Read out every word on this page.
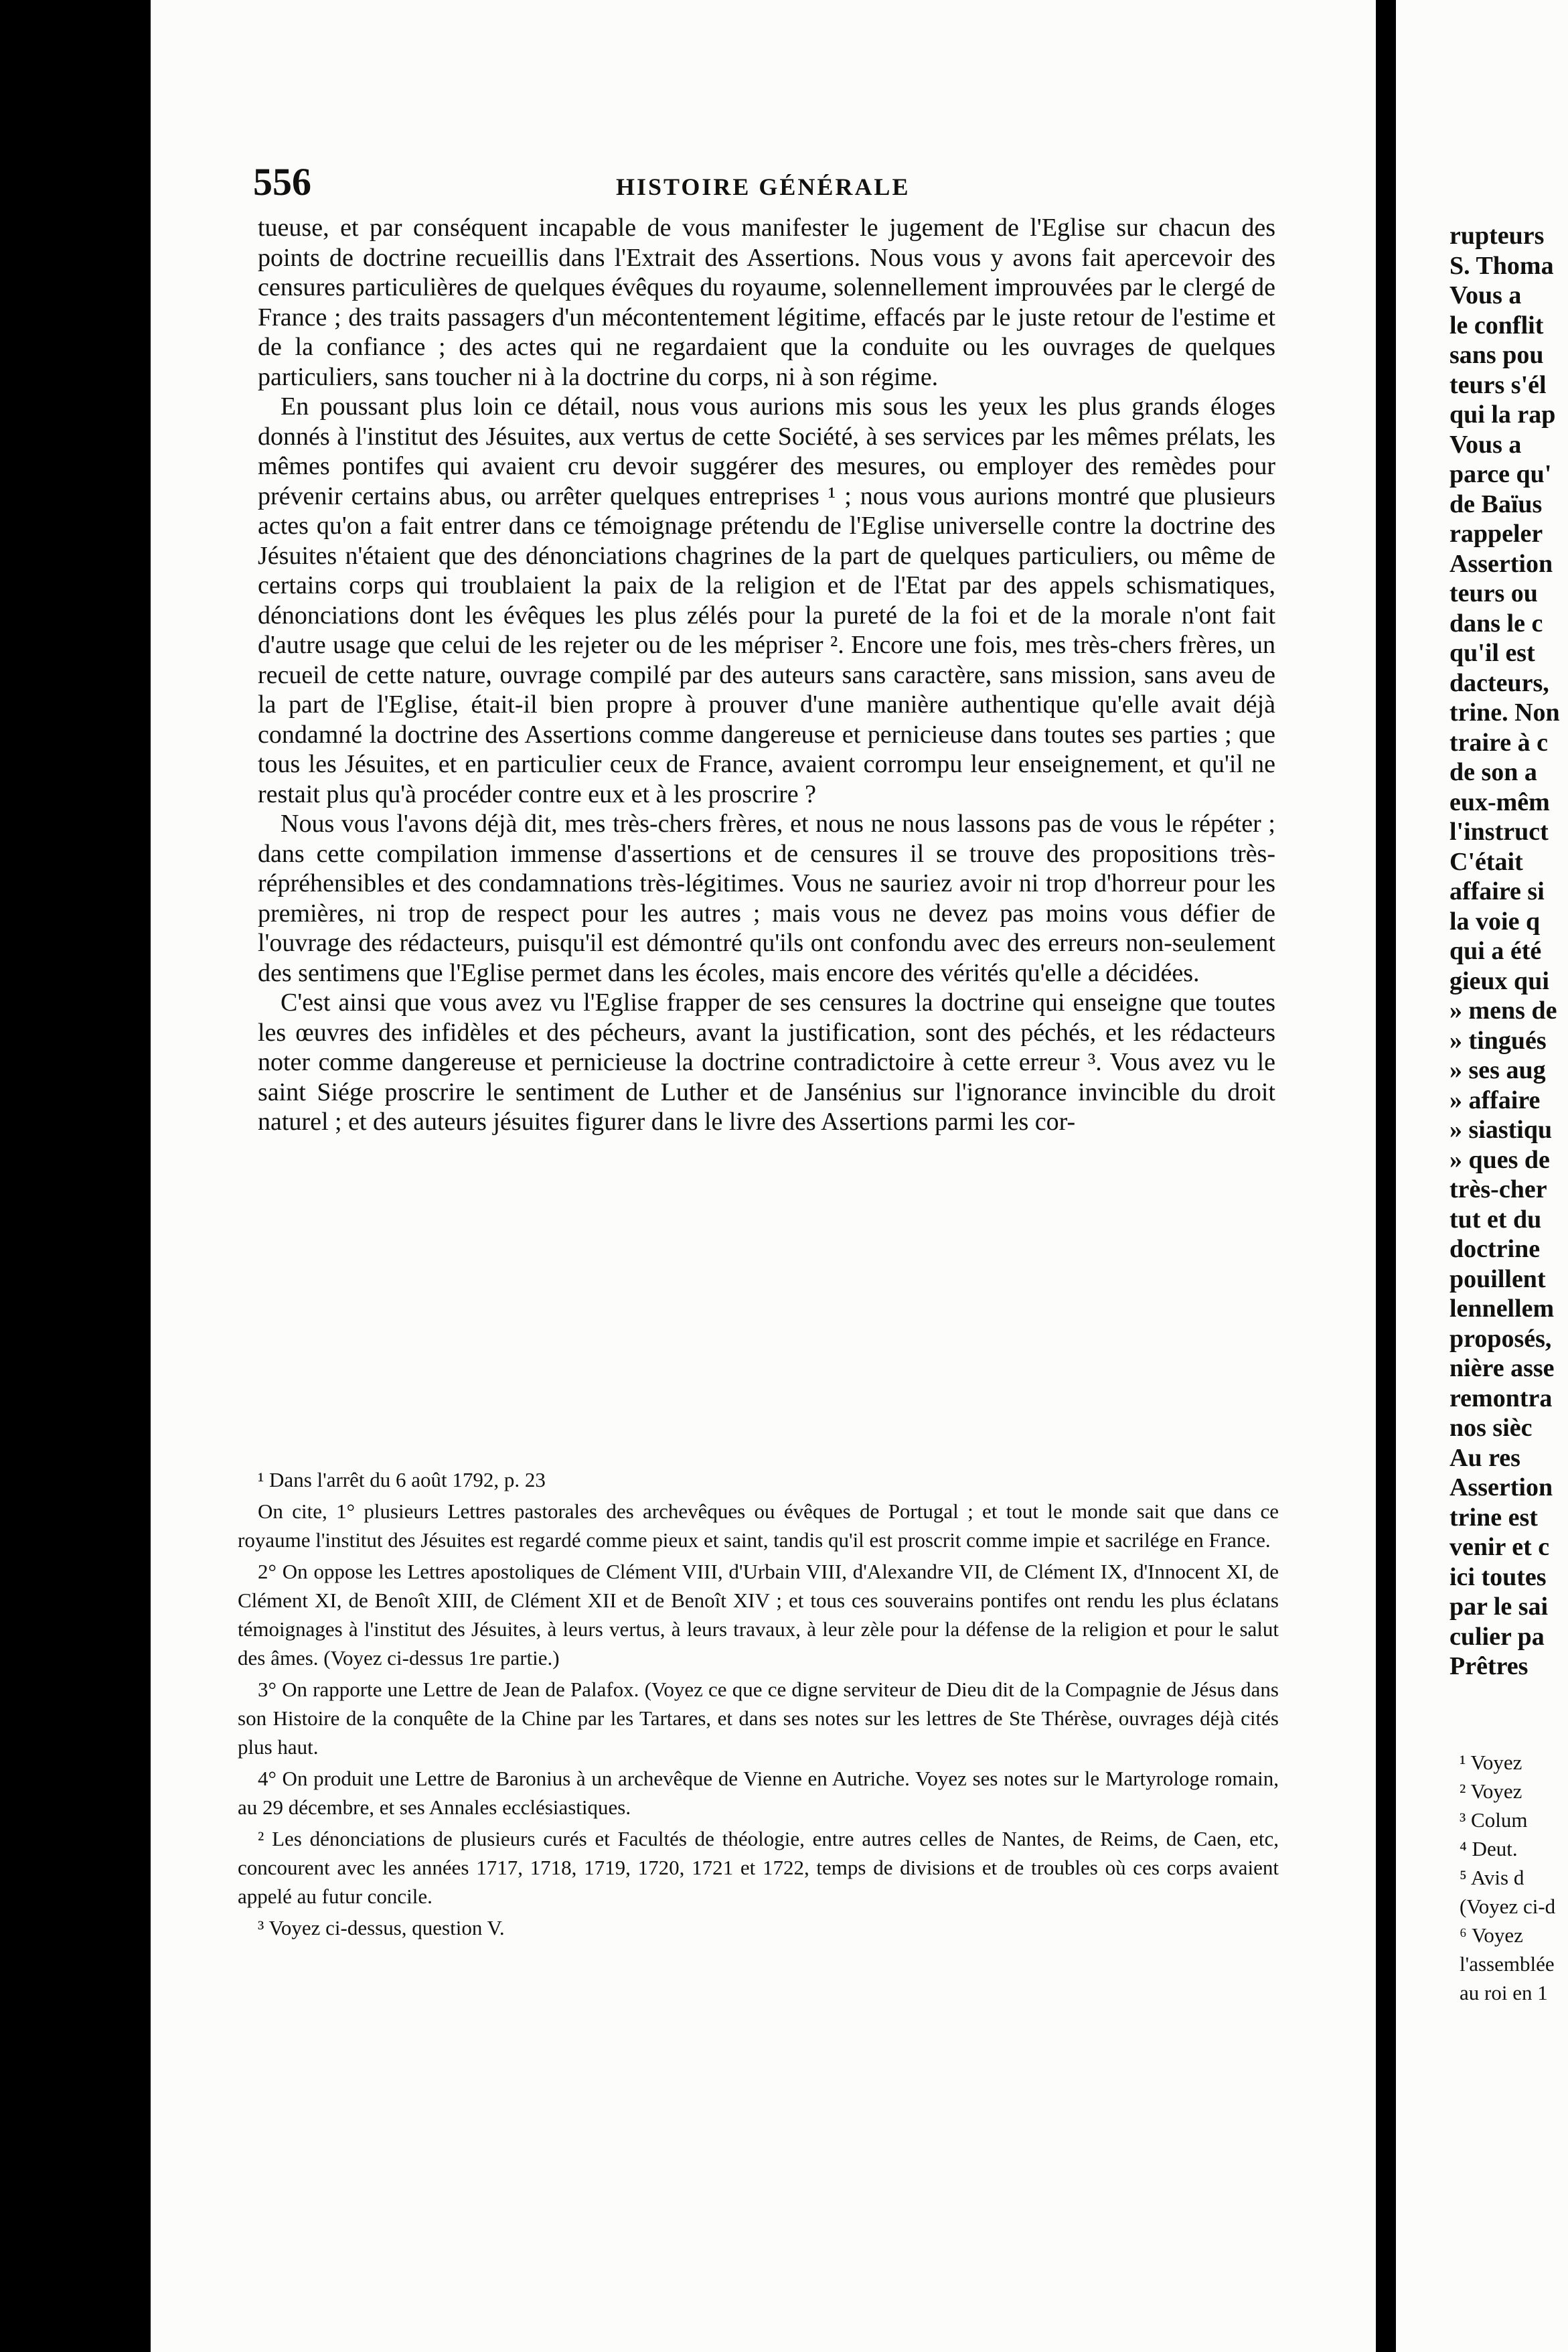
556	HISTOIRE GÉNÉRALE

tueuse, et par conséquent incapable de vous manifester le jugement de l'Eglise sur chacun des points de doctrine recueillis dans l'Extrait des Assertions. Nous vous y avons fait apercevoir des censures particulières de quelques évêques du royaume, solennellement improuvées par le clergé de France ; des traits passagers d'un mécontentement légitime, effacés par le juste retour de l'estime et de la confiance ; des actes qui ne regardaient que la conduite ou les ouvrages de quelques particuliers, sans toucher ni à la doctrine du corps, ni à son régime.

En poussant plus loin ce détail, nous vous aurions mis sous les yeux les plus grands éloges donnés à l'institut des Jésuites, aux vertus de cette Société, à ses services par les mêmes prélats, les mêmes pontifes qui avaient cru devoir suggérer des mesures, ou employer des remèdes pour prévenir certains abus, ou arrêter quelques entreprises ¹ ; nous vous aurions montré que plusieurs actes qu'on a fait entrer dans ce témoignage prétendu de l'Eglise universelle contre la doctrine des Jésuites n'étaient que des dénonciations chagrines de la part de quelques particuliers, ou même de certains corps qui troublaient la paix de la religion et de l'Etat par des appels schismatiques, dénonciations dont les évêques les plus zélés pour la pureté de la foi et de la morale n'ont fait d'autre usage que celui de les rejeter ou de les mépriser ². Encore une fois, mes très-chers frères, un recueil de cette nature, ouvrage compilé par des auteurs sans caractère, sans mission, sans aveu de la part de l'Eglise, était-il bien propre à prouver d'une manière authentique qu'elle avait déjà condamné la doctrine des Assertions comme dangereuse et pernicieuse dans toutes ses parties ; que tous les Jésuites, et en particulier ceux de France, avaient corrompu leur enseignement, et qu'il ne restait plus qu'à procéder contre eux et à les proscrire ?

Nous vous l'avons déjà dit, mes très-chers frères, et nous ne nous lassons pas de vous le répéter ; dans cette compilation immense d'assertions et de censures il se trouve des propositions très-répréhensibles et des condamnations très-légitimes. Vous ne sauriez avoir ni trop d'horreur pour les premières, ni trop de respect pour les autres ; mais vous ne devez pas moins vous défier de l'ouvrage des rédacteurs, puisqu'il est démontré qu'ils ont confondu avec des erreurs non-seulement des sentimens que l'Eglise permet dans les écoles, mais encore des vérités qu'elle a décidées.

C'est ainsi que vous avez vu l'Eglise frapper de ses censures la doctrine qui enseigne que toutes les œuvres des infidèles et des pécheurs, avant la justification, sont des péchés, et les rédacteurs noter comme dangereuse et pernicieuse la doctrine contradictoire à cette erreur ³. Vous avez vu le saint Siége proscrire le sentiment de Luther et de Jansénius sur l'ignorance invincible du droit naturel ; et des auteurs jésuites figurer dans le livre des Assertions parmi les cor-

¹ Dans l'arrêt du 6 août 1792, p. 23

On cite, 1° plusieurs Lettres pastorales des archevêques ou évêques de Portugal ; et tout le monde sait que dans ce royaume l'institut des Jésuites est regardé comme pieux et saint, tandis qu'il est proscrit comme impie et sacrilége en France.

2° On oppose les Lettres apostoliques de Clément VIII, d'Urbain VIII, d'Alexandre VII, de Clément IX, d'Innocent XI, de Clément XI, de Benoît XIII, de Clément XII et de Benoît XIV ; et tous ces souverains pontifes ont rendu les plus éclatans témoignages à l'institut des Jésuites, à leurs vertus, à leurs travaux, à leur zèle pour la défense de la religion et pour le salut des âmes. (Voyez ci-dessus 1re partie.)

3° On rapporte une Lettre de Jean de Palafox. (Voyez ce que ce digne serviteur de Dieu dit de la Compagnie de Jésus dans son Histoire de la conquête de la Chine par les Tartares, et dans ses notes sur les lettres de Ste Thérèse, ouvrages déjà cités plus haut.

4° On produit une Lettre de Baronius à un archevêque de Vienne en Autriche. Voyez ses notes sur le Martyrologe romain, au 29 décembre, et ses Annales ecclésiastiques.

² Les dénonciations de plusieurs curés et Facultés de théologie, entre autres celles de Nantes, de Reims, de Caen, etc, concourent avec les années 1717, 1718, 1719, 1720, 1721 et 1722, temps de divisions et de troubles où ces corps avaient appelé au futur concile.

³ Voyez ci-dessus, question V.

rupteurs
S. Thoma
Vous a
le conflit
sans pou
teurs s'él
qui la rap
Vous a
parce qu'
de Baïus
rappeler
Assertion
teurs ou
dans le c
qu'il est
dacteurs,
trine. Non
traire à c
de son a
eux-mêm
l'instruct
C'était
affaire si
la voie q
qui a été
gieux qui
» mens de
» tingués
» ses aug
» affaire
» siastiqu
» ques de
très-cher
tut et du
doctrine
pouillent
lennellem
proposés,
nière asse
remontra
nos sièc
Au res
Assertion
trine est
venir et c
ici toutes
par le sai
culier pa
Prêtres
¹ Voyez
² Voyez
³ Colum
⁴ Deut.
⁵ Avis d
(Voyez ci-d
⁶ Voyez
l'assemblée
au roi en 1
